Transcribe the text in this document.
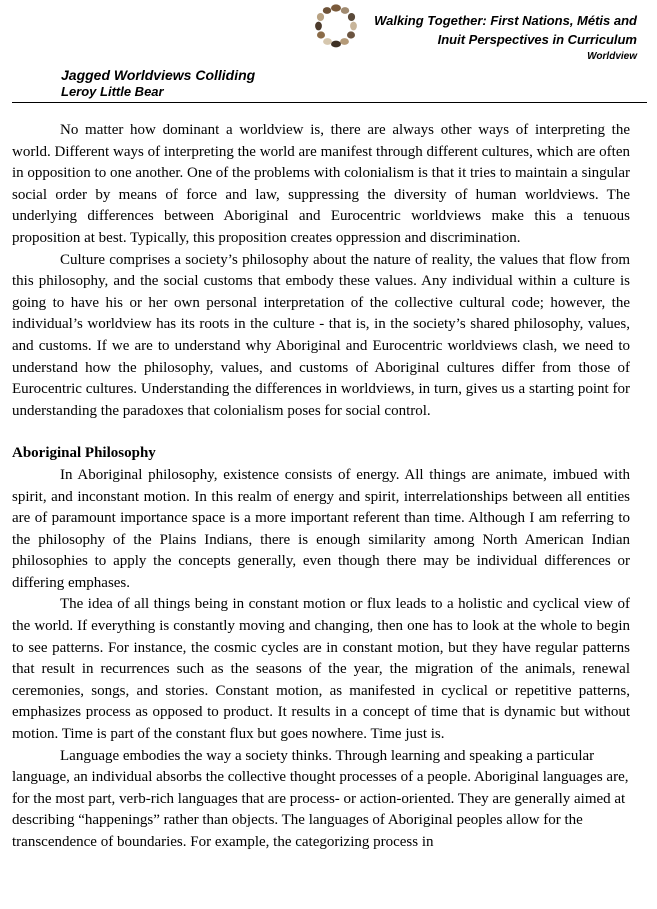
Walking Together: First Nations, Métis and
Inuit Perspectives in Curriculum
Worldview
Jagged Worldviews Colliding
Leroy Little Bear

No matter how dominant a worldview is, there are always other ways of interpreting the world. Different ways of interpreting the world are manifest through different cultures, which are often in opposition to one another. One of the problems with colonialism is that it tries to maintain a singular social order by means of force and law, suppressing the diversity of human worldviews. The underlying differences between Aboriginal and Eurocentric worldviews make this a tenuous proposition at best. Typically, this proposition creates oppression and discrimination.

Culture comprises a society’s philosophy about the nature of reality, the values that flow from this philosophy, and the social customs that embody these values. Any individual within a culture is going to have his or her own personal interpretation of the collective cultural code; however, the individual’s worldview has its roots in the culture - that is, in the society’s shared philosophy, values, and customs. If we are to understand why Aboriginal and Eurocentric worldviews clash, we need to understand how the philosophy, values, and customs of Aboriginal cultures differ from those of Eurocentric cultures. Understanding the differences in worldviews, in turn, gives us a starting point for understanding the paradoxes that colonialism poses for social control.

Aboriginal Philosophy

In Aboriginal philosophy, existence consists of energy. All things are animate, imbued with spirit, and inconstant motion. In this realm of energy and spirit, interrelationships between all entities are of paramount importance space is a more important referent than time. Although I am referring to the philosophy of the Plains Indians, there is enough similarity among North American Indian philosophies to apply the concepts generally, even though there may be individual differences or differing emphases.

The idea of all things being in constant motion or flux leads to a holistic and cyclical view of the world. If everything is constantly moving and changing, then one has to look at the whole to begin to see patterns. For instance, the cosmic cycles are in constant motion, but they have regular patterns that result in recurrences such as the seasons of the year, the migration of the animals, renewal ceremonies, songs, and stories. Constant motion, as manifested in cyclical or repetitive patterns, emphasizes process as opposed to product. It results in a concept of time that is dynamic but without motion. Time is part of the constant flux but goes nowhere. Time just is.

Language embodies the way a society thinks. Through learning and speaking a particular language, an individual absorbs the collective thought processes of a people. Aboriginal languages are, for the most part, verb-rich languages that are process- or action-oriented. They are generally aimed at describing “happenings” rather than objects. The languages of Aboriginal peoples allow for the transcendence of boundaries. For example, the categorizing process in
